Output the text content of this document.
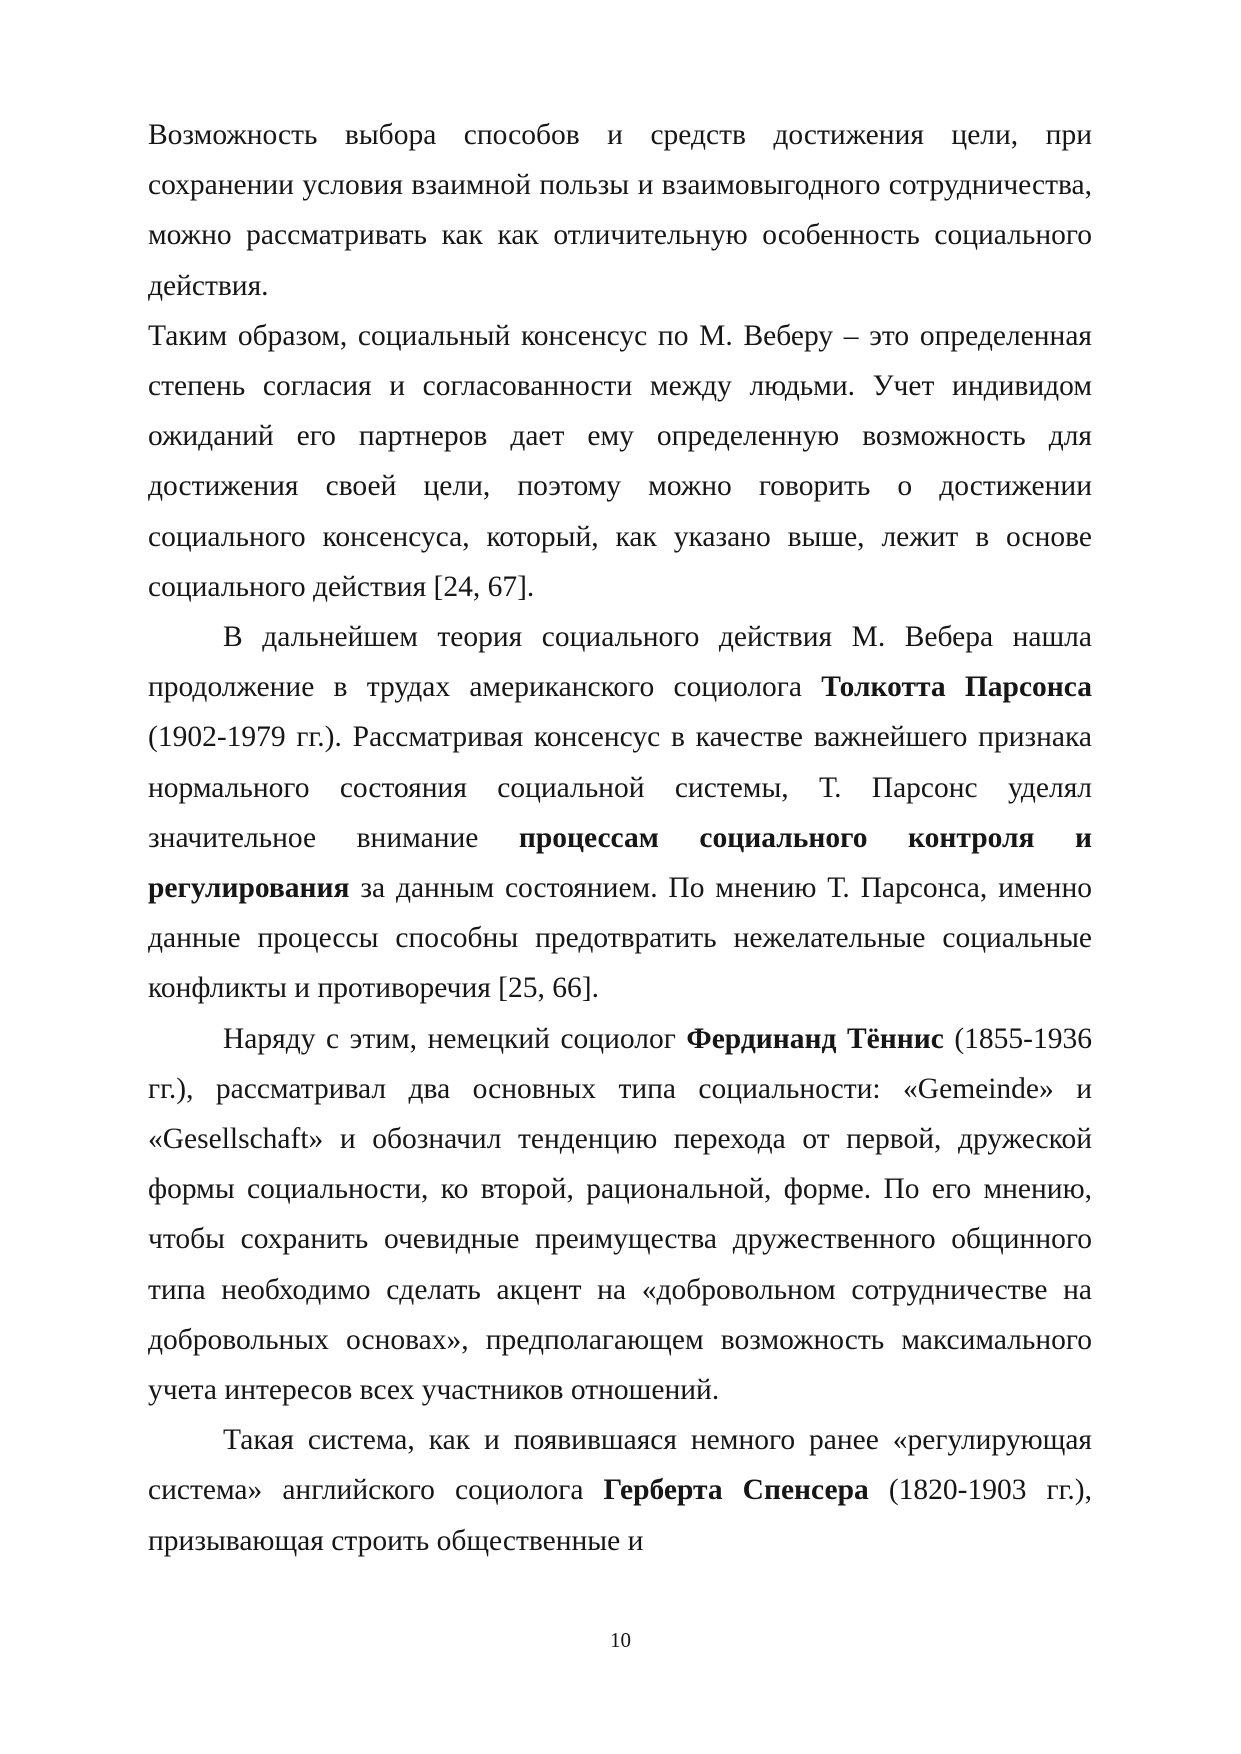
Возможность выбора способов и средств достижения цели, при сохранении условия взаимной пользы и взаимовыгодного сотрудничества, можно рассматривать как как отличительную особенность социального действия.

Таким образом, социальный консенсус по М. Веберу – это определенная степень согласия и согласованности между людьми. Учет индивидом ожиданий его партнеров дает ему определенную возможность для достижения своей цели, поэтому можно говорить о достижении социального консенсуса, который, как указано выше, лежит в основе социального действия [24, 67].

В дальнейшем теория социального действия М. Вебера нашла продолжение в трудах американского социолога Толкотта Парсонса (1902-1979 гг.). Рассматривая консенсус в качестве важнейшего признака нормального состояния социальной системы, Т. Парсонс уделял значительное внимание процессам социального контроля и регулирования за данным состоянием. По мнению Т. Парсонса, именно данные процессы способны предотвратить нежелательные социальные конфликты и противоречия [25, 66].

Наряду с этим, немецкий социолог Фердинанд Тённис (1855-1936 гг.), рассматривал два основных типа социальности: «Gemeinde» и «Gesellschaft» и обозначил тенденцию перехода от первой, дружеской формы социальности, ко второй, рациональной, форме. По его мнению, чтобы сохранить очевидные преимущества дружественного общинного типа необходимо сделать акцент на «добровольном сотрудничестве на добровольных основах», предполагающем возможность максимального учета интересов всех участников отношений.

Такая система, как и появившаяся немного ранее «регулирующая система» английского социолога Герберта Спенсера (1820-1903 гг.), призывающая строить общественные и

10
